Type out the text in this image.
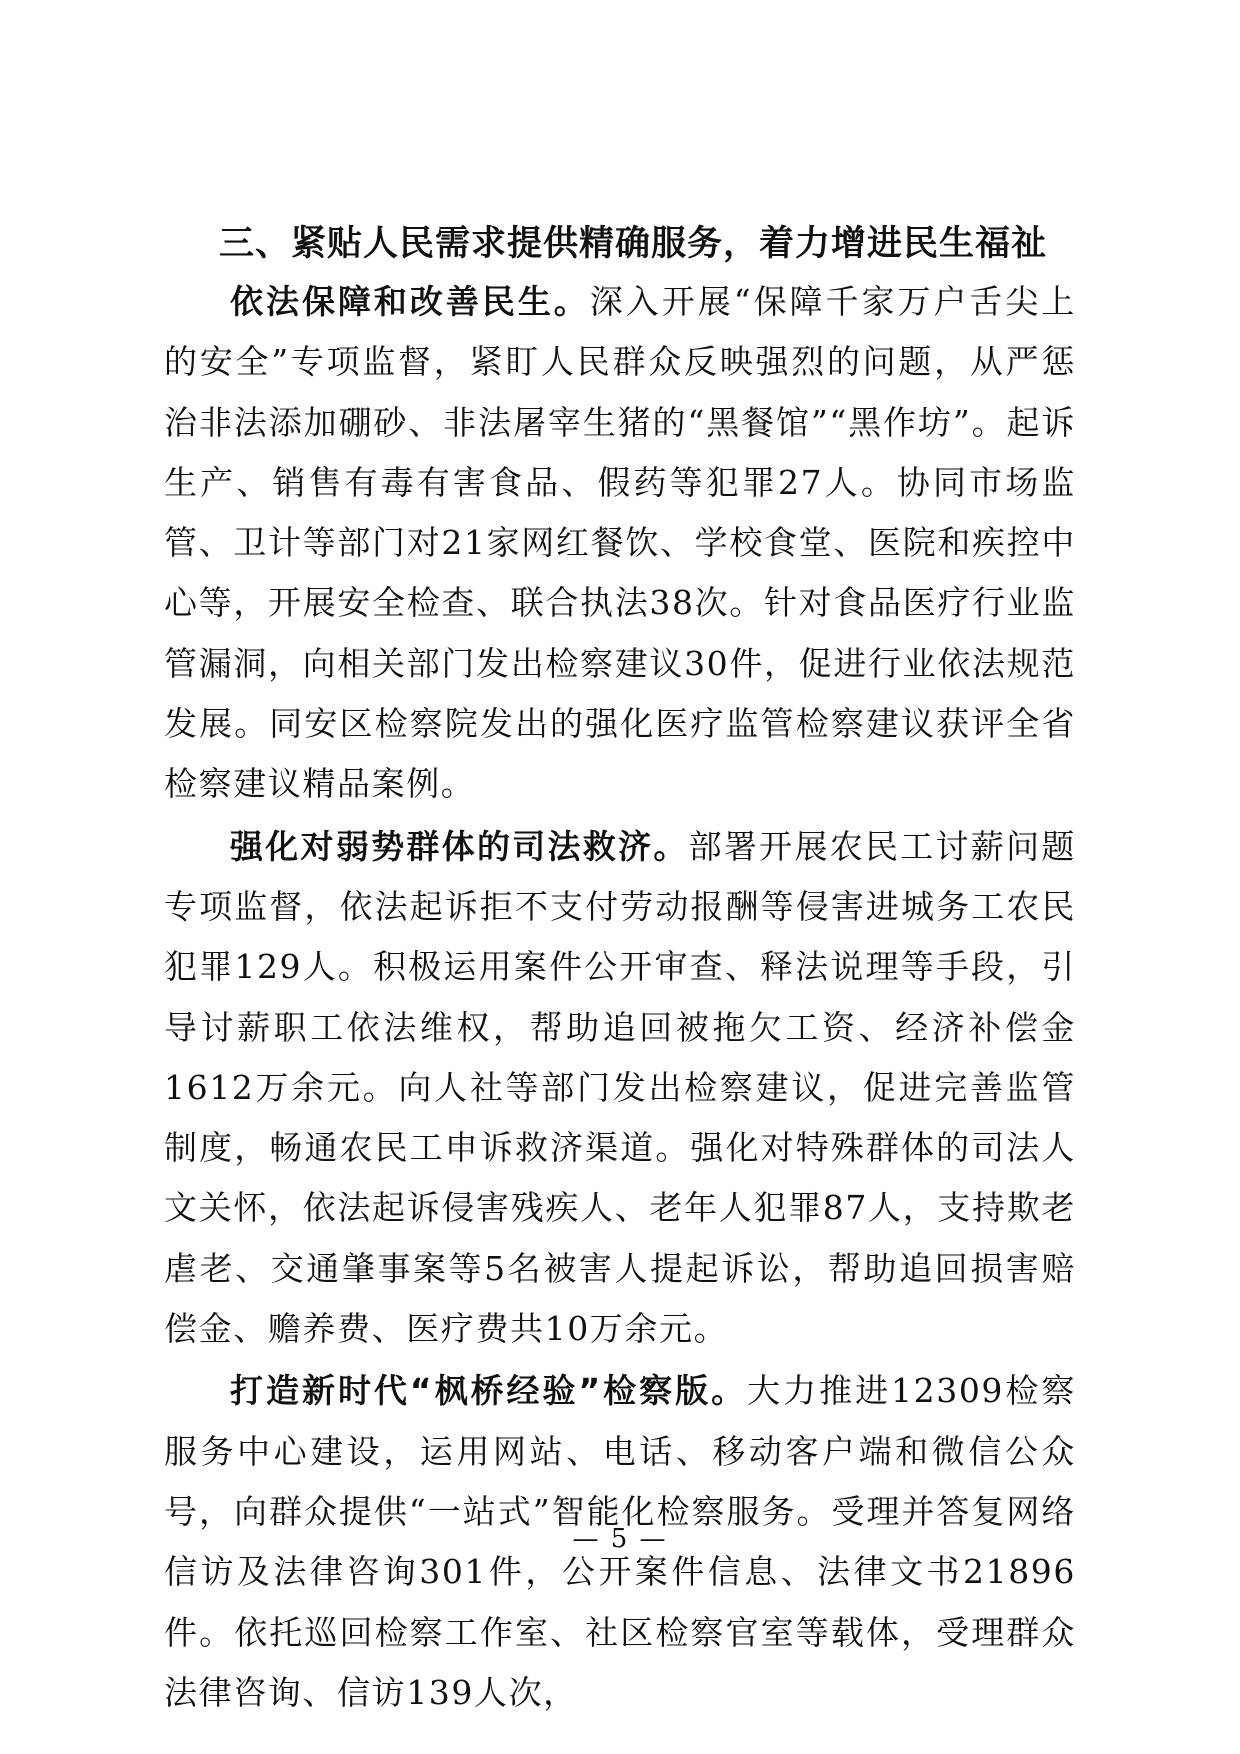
三、紧贴人民需求提供精确服务，着力增进民生福祉

依法保障和改善民生。深入开展“保障千家万户舌尖上的安全”专项监督，紧盯人民群众反映强烈的问题，从严惩治非法添加硼砂、非法屠宰生猪的“黑餐馆”“黑作坊”。起诉生产、销售有毒有害食品、假药等犯罪27人。协同市场监管、卫计等部门对21家网红餐饮、学校食堂、医院和疾控中心等，开展安全检查、联合执法38次。针对食品医疗行业监管漏洞，向相关部门发出检察建议30件，促进行业依法规范发展。同安区检察院发出的强化医疗监管检察建议获评全省检察建议精品案例。

强化对弱势群体的司法救济。部署开展农民工讨薪问题专项监督，依法起诉拒不支付劳动报酬等侵害进城务工农民犯罪129人。积极运用案件公开审查、释法说理等手段，引导讨薪职工依法维权，帮助追回被拖欠工资、经济补偿金1612万余元。向人社等部门发出检察建议，促进完善监管制度，畅通农民工申诉救济渠道。强化对特殊群体的司法人文关怀，依法起诉侵害残疾人、老年人犯罪87人，支持欺老虐老、交通肇事案等5名被害人提起诉讼，帮助追回损害赔偿金、赡养费、医疗费共10万余元。

打造新时代“枫桥经验”检察版。大力推进12309检察服务中心建设，运用网站、电话、移动客户端和微信公众号，向群众提供“一站式”智能化检察服务。受理并答复网络信访及法律咨询301件，公开案件信息、法律文书21896件。依托巡回检察工作室、社区检察官室等载体，受理群众法律咨询、信访139人次，

— 5 —
